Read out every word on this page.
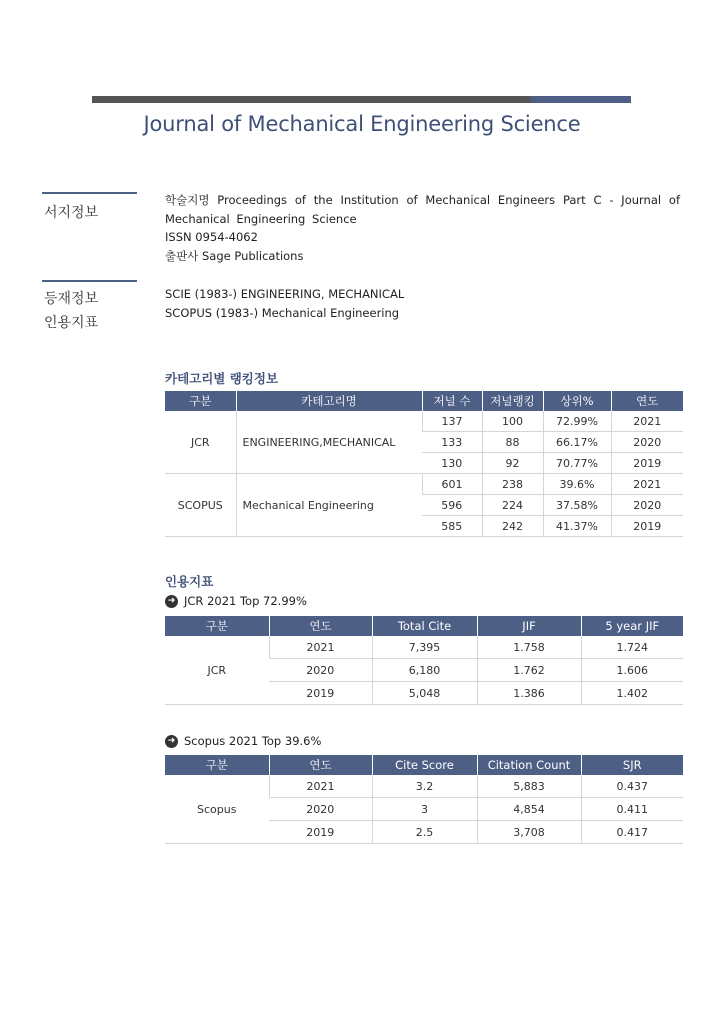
Journal of Mechanical Engineering Science
서지정보
학술지명 Proceedings of the Institution of Mechanical Engineers Part C - Journal of Mechanical Engineering Science
ISSN 0954-4062
출판사 Sage Publications
등재정보
인용지표
SCIE (1983-) ENGINEERING, MECHANICAL
SCOPUS (1983-) Mechanical Engineering
카테고리별 랭킹정보
구분	카테고리명	저널 수	저널랭킹	상위%	연도
JCR	ENGINEERING,MECHANICAL	137	100	72.99%	2021
		133	88	66.17%	2020
		130	92	70.77%	2019
SCOPUS	Mechanical Engineering	601	238	39.6%	2021
		596	224	37.58%	2020
		585	242	41.37%	2019
인용지표
➜ JCR 2021 Top 72.99%
구분	연도	Total Cite	JIF	5 year JIF
JCR	2021	7,395	1.758	1.724
	2020	6,180	1.762	1.606
	2019	5,048	1.386	1.402
➜ Scopus 2021 Top 39.6%
구분	연도	Cite Score	Citation Count	SJR
Scopus	2021	3.2	5,883	0.437
	2020	3	4,854	0.411
	2019	2.5	3,708	0.417
